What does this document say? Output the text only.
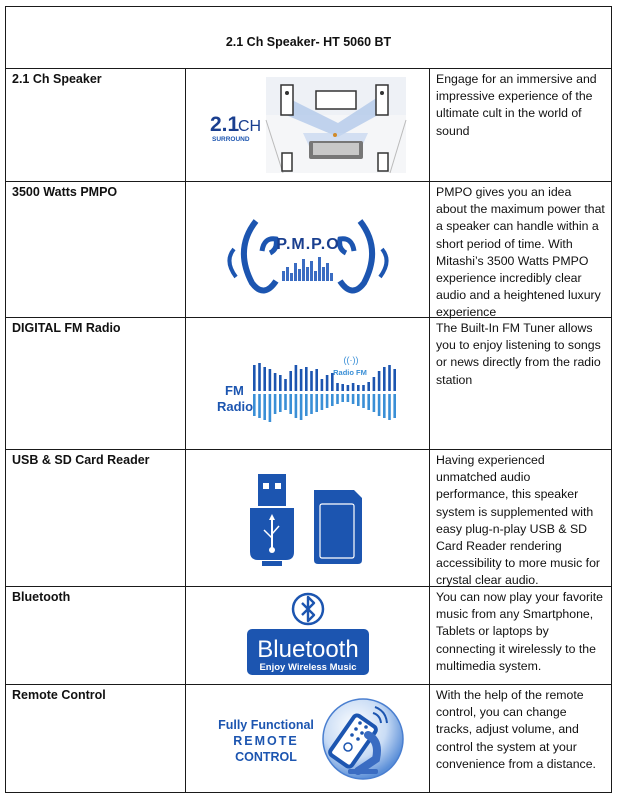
2.1 Ch Speaker- HT 5060 BT
2.1 Ch Speaker
2.1
CH
SURROUND
Engage for an immersive and impressive experience of the ultimate cult in the world of sound
3500 Watts PMPO
P.M.P.O
PMPO gives you an idea about the maximum power that a speaker can handle within a short period of time. With Mitashi’s 3500 Watts PMPO experience incredibly clear audio and a heightened luxury experience
DIGITAL FM Radio
FM
Radio
((·))
Radio FM
The Built-In FM Tuner allows you to enjoy listening to songs or news directly from the radio station
USB & SD Card Reader	Having experienced unmatched audio performance, this speaker system is supplemented with easy plug-n-play USB & SD Card Reader rendering accessibility to more music for crystal clear audio.
Bluetooth
Bluetooth
Enjoy Wireless Music
You can now play your favorite music from any Smartphone, Tablets or laptops by connecting it wirelessly to the multimedia system.
Remote Control
Fully Functional
REMOTE
CONTROL
With the help of the remote control, you can change tracks, adjust volume, and control the system at your convenience from a distance.
